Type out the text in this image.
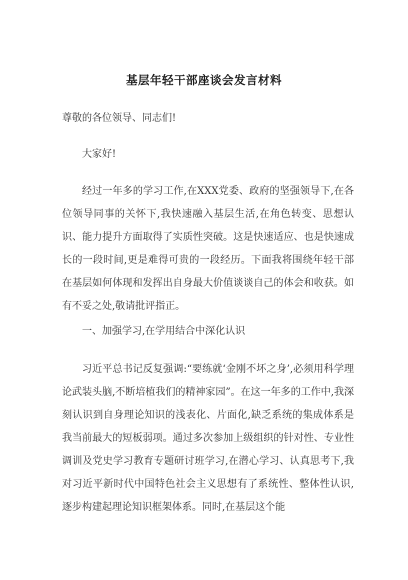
基层年轻干部座谈会发言材料

尊敬的各位领导、同志们!

大家好!

经过一年多的学习工作,在XXX党委、政府的坚强领导下,在各位领导同事的关怀下,我快速融入基层生活,在角色转变、思想认识、能力提升方面取得了实质性突破。这是快速适应、也是快速成长的一段时间,更是难得可贵的一段经历。下面我将围绕年轻干部在基层如何体现和发挥出自身最大价值谈谈自己的体会和收获。如有不妥之处,敬请批评指正。

一、加强学习,在学用结合中深化认识

习近平总书记反复强调:“要练就‘金刚不坏之身’,必须用科学理论武装头脑,不断培植我们的精神家园”。在这一年多的工作中,我深刻认识到自身理论知识的浅表化、片面化,缺乏系统的集成体系是我当前最大的短板弱项。通过多次参加上级组织的针对性、专业性调训及党史学习教育专题研讨班学习,在潜心学习、认真思考下,我对习近平新时代中国特色社会主义思想有了系统性、整体性认识,逐步构建起理论知识框架体系。同时,在基层这个能
